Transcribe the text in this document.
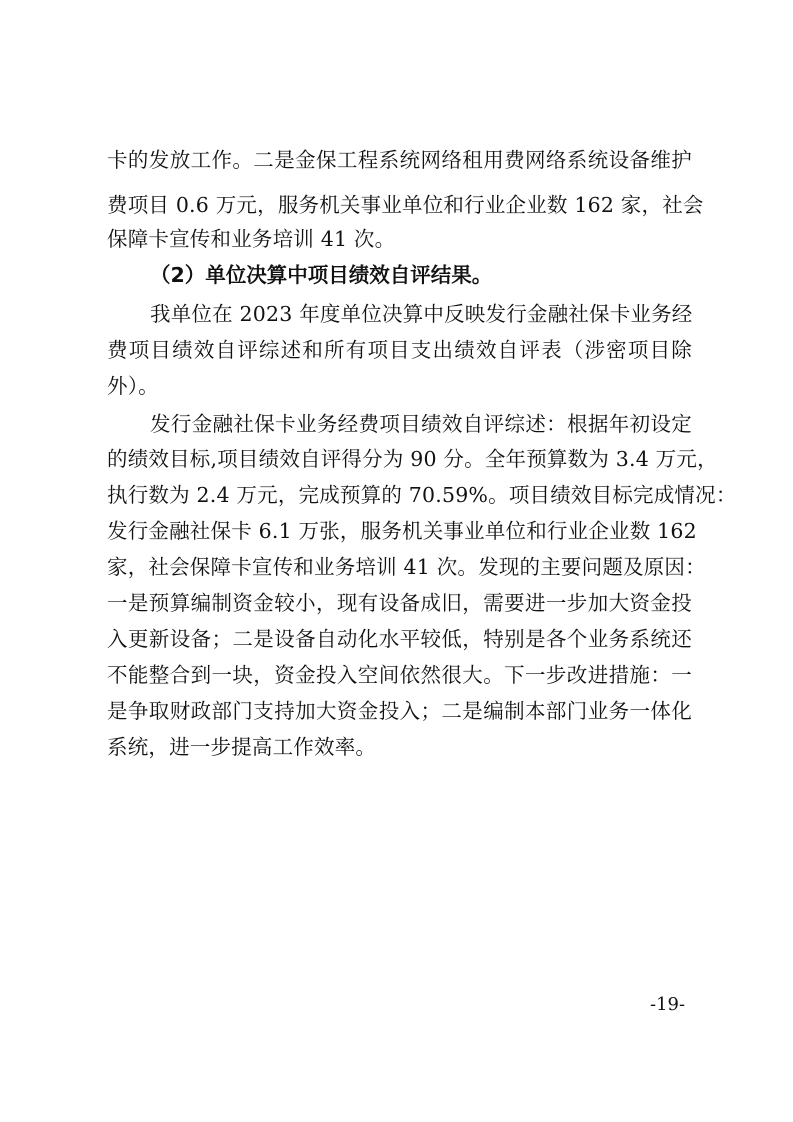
卡的发放工作。二是金保工程系统网络租用费网络系统设备维护
费项目 0.6 万元，服务机关事业单位和行业企业数 162 家，社会
保障卡宣传和业务培训 41 次。
（2）单位决算中项目绩效自评结果。
我单位在 2023 年度单位决算中反映发行金融社保卡业务经
费项目绩效自评综述和所有项目支出绩效自评表（涉密项目除
外）。
发行金融社保卡业务经费项目绩效自评综述：根据年初设定
的绩效目标,项目绩效自评得分为 90 分。全年预算数为 3.4 万元，
执行数为 2.4 万元，完成预算的 70.59%。项目绩效目标完成情况：
发行金融社保卡 6.1 万张，服务机关事业单位和行业企业数 162
家，社会保障卡宣传和业务培训 41 次。发现的主要问题及原因：
一是预算编制资金较小，现有设备成旧，需要进一步加大资金投
入更新设备；二是设备自动化水平较低，特别是各个业务系统还
不能整合到一块，资金投入空间依然很大。下一步改进措施：一
是争取财政部门支持加大资金投入；二是编制本部门业务一体化
系统，进一步提高工作效率。
-19-
